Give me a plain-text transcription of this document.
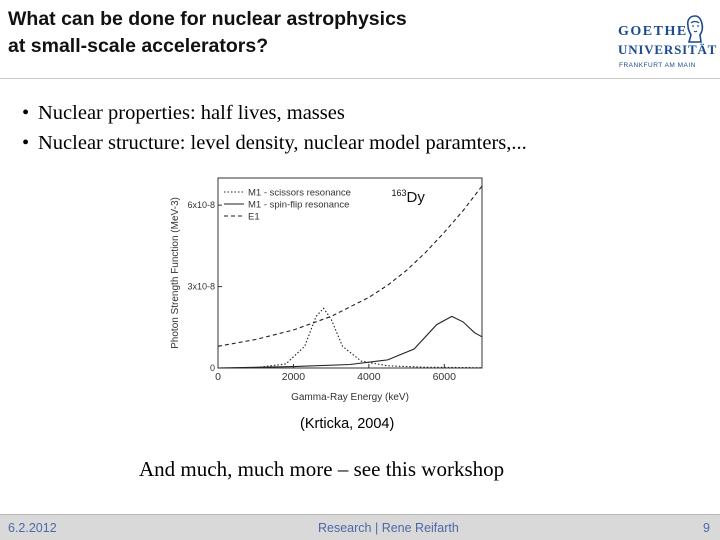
What can be done for nuclear astrophysics
at small-scale accelerators?
GOETHE
UNIVERSITÄT
FRANKFURT AM MAIN
• Nuclear properties: half lives, masses
• Nuclear structure: level density, nuclear model paramters,...
0	2000	4000	6000
0
3x10-8
6x10-8
Gamma-Ray Energy (keV)
Photon Strength Function (MeV-3)
M1 - scissors resonance
M1 - spin-flip resonance
E1
$^{163}$Dy
(Krticka, 2004)
And much, much more – see this workshop
6.2.2012	Research | Rene Reifarth	9
